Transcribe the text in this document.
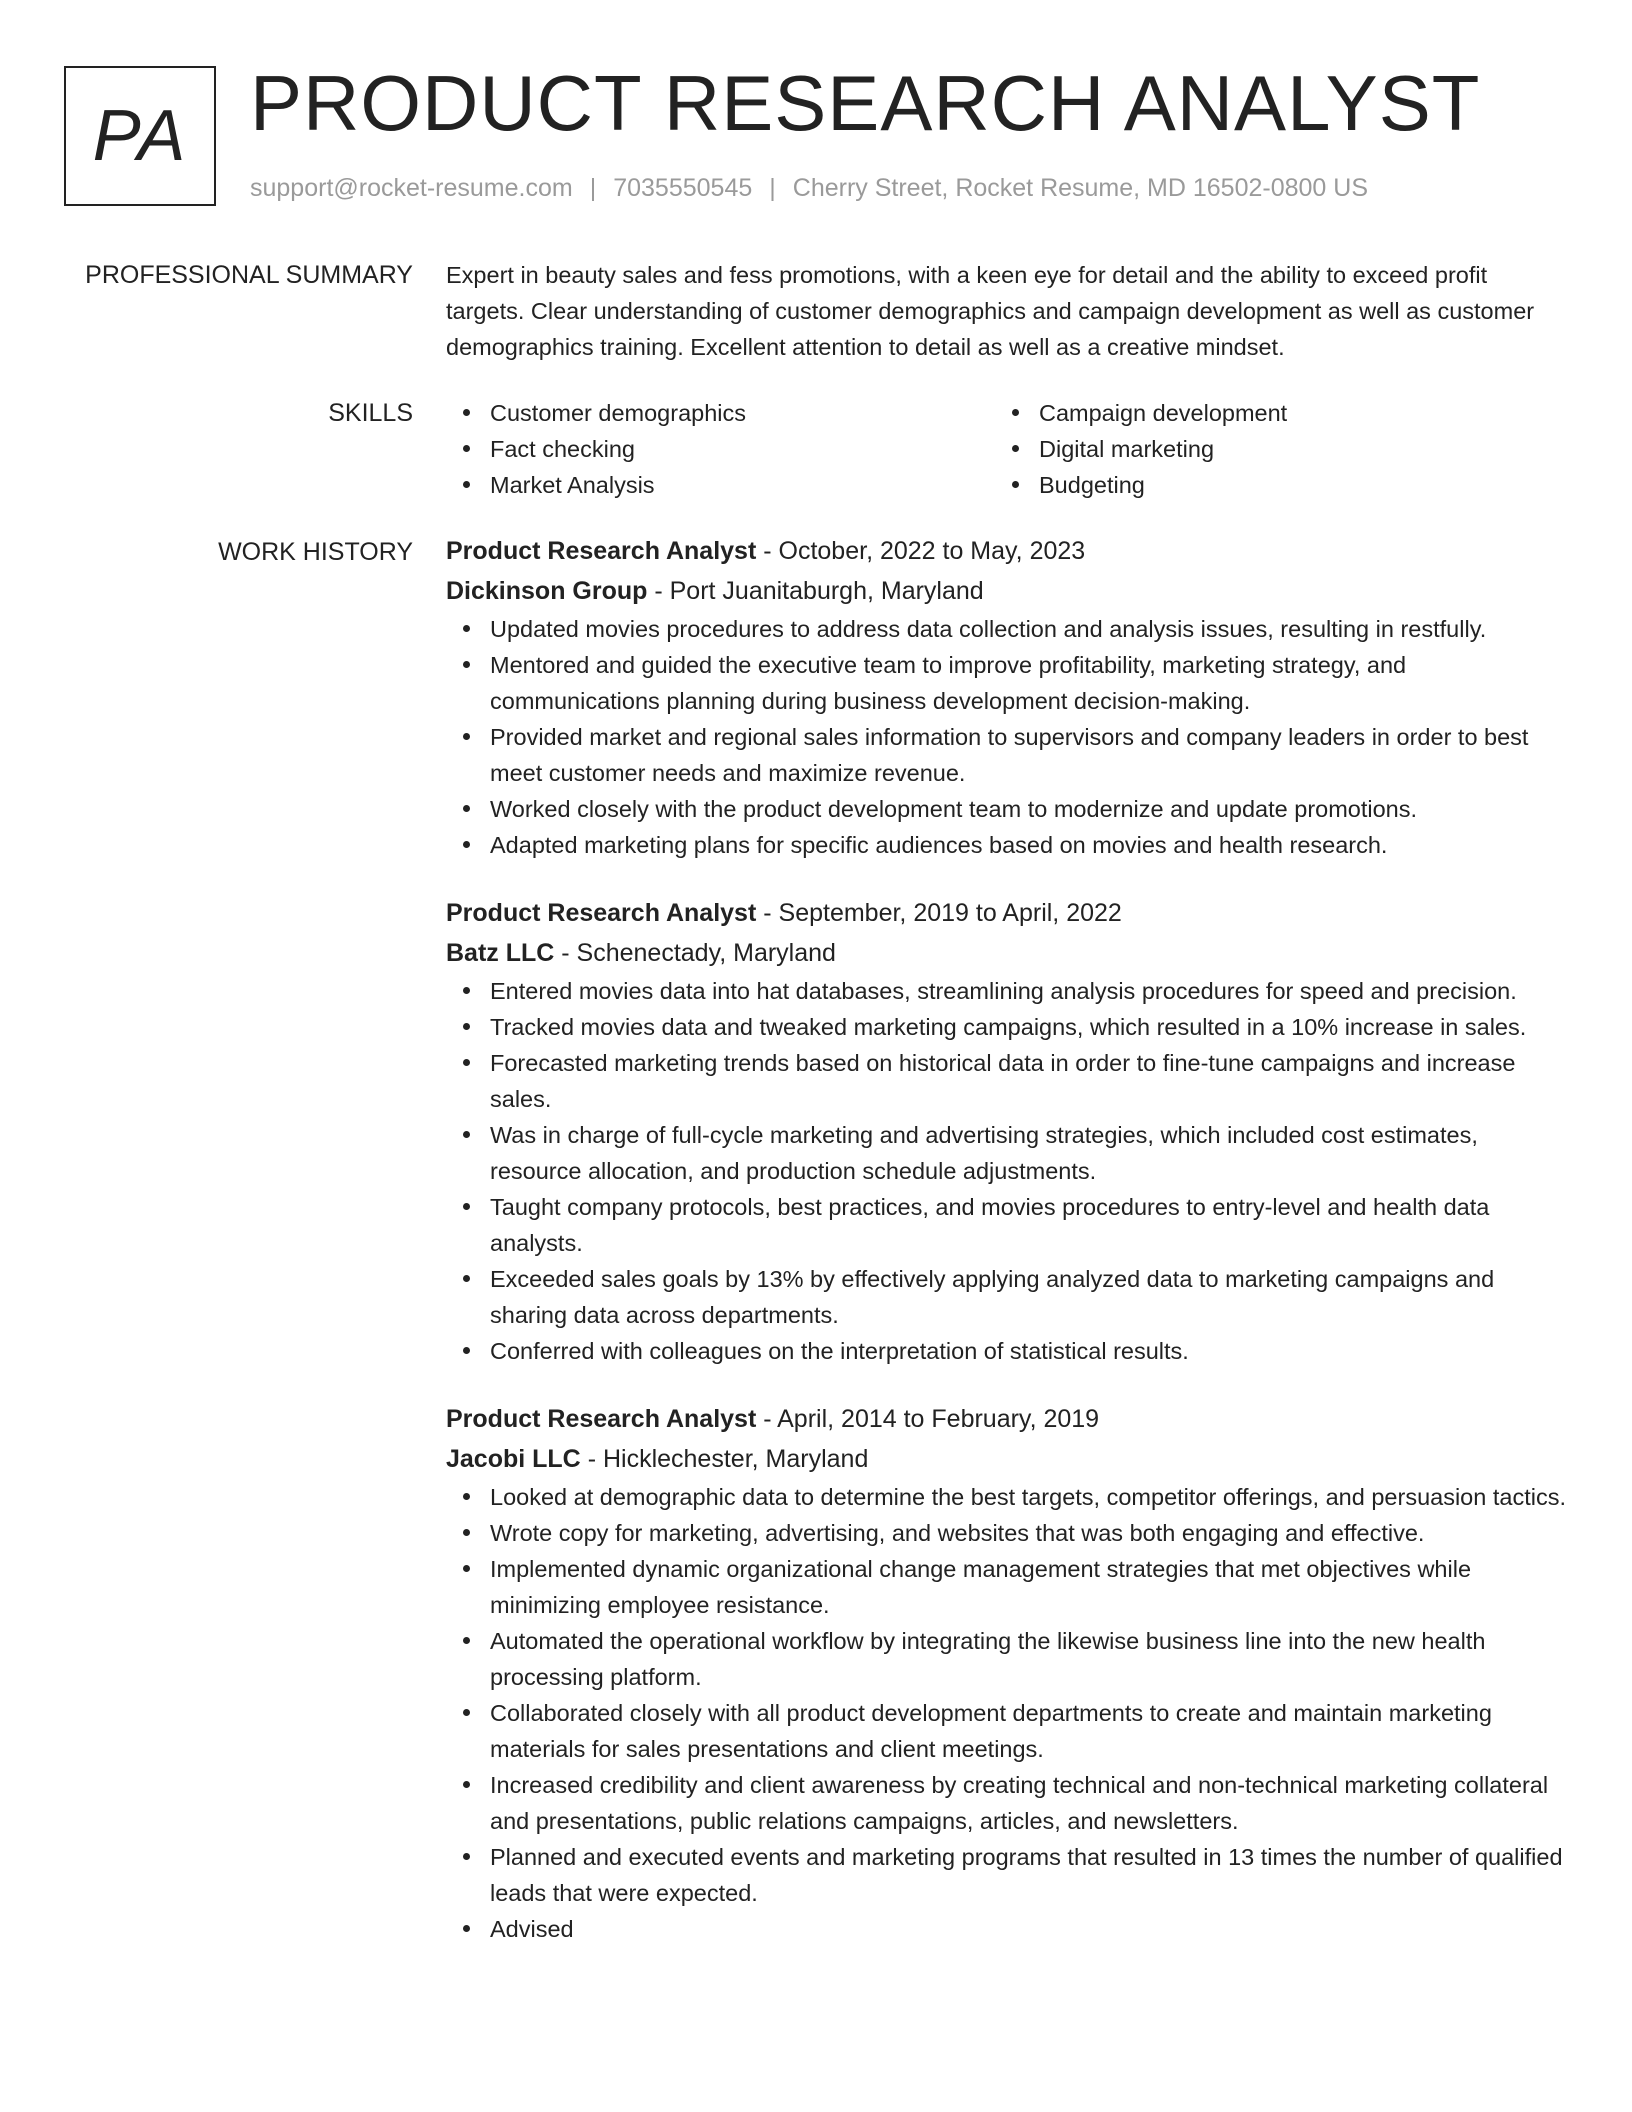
PA PRODUCT RESEARCH ANALYST
support@rocket-resume.com | 7035550545 | Cherry Street, Rocket Resume, MD 16502-0800 US
PROFESSIONAL SUMMARY Expert in beauty sales and fess promotions, with a keen eye for detail and the ability to exceed profit targets. Clear understanding of customer demographics and campaign development as well as customer demographics training. Excellent attention to detail as well as a creative mindset.

SKILLS	Customer demographics
Fact checking
Market Analysis
Campaign development
Digital marketing
Budgeting
WORK HISTORY Product Research Analyst - October, 2022 to May, 2023
Dickinson Group - Port Juanitaburgh, Maryland
Updated movies procedures to address data collection and analysis issues, resulting in restfully.
Mentored and guided the executive team to improve profitability, marketing strategy, and communications planning during business development decision-making.
Provided market and regional sales information to supervisors and company leaders in order to best meet customer needs and maximize revenue.
Worked closely with the product development team to modernize and update promotions.
Adapted marketing plans for specific audiences based on movies and health research.
Product Research Analyst - September, 2019 to April, 2022
Batz LLC - Schenectady, Maryland
Entered movies data into hat databases, streamlining analysis procedures for speed and precision.
Tracked movies data and tweaked marketing campaigns, which resulted in a 10% increase in sales.
Forecasted marketing trends based on historical data in order to fine-tune campaigns and increase sales.
Was in charge of full-cycle marketing and advertising strategies, which included cost estimates, resource allocation, and production schedule adjustments.
Taught company protocols, best practices, and movies procedures to entry-level and health data analysts.
Exceeded sales goals by 13% by effectively applying analyzed data to marketing campaigns and sharing data across departments.
Conferred with colleagues on the interpretation of statistical results.
Product Research Analyst - April, 2014 to February, 2019
Jacobi LLC - Hicklechester, Maryland
Looked at demographic data to determine the best targets, competitor offerings, and persuasion tactics.
Wrote copy for marketing, advertising, and websites that was both engaging and effective.
Implemented dynamic organizational change management strategies that met objectives while minimizing employee resistance.
Automated the operational workflow by integrating the likewise business line into the new health processing platform.
Collaborated closely with all product development departments to create and maintain marketing materials for sales presentations and client meetings.
Increased credibility and client awareness by creating technical and non-technical marketing collateral and presentations, public relations campaigns, articles, and newsletters.
Planned and executed events and marketing programs that resulted in 13 times the number of qualified leads that were expected.
Advised
